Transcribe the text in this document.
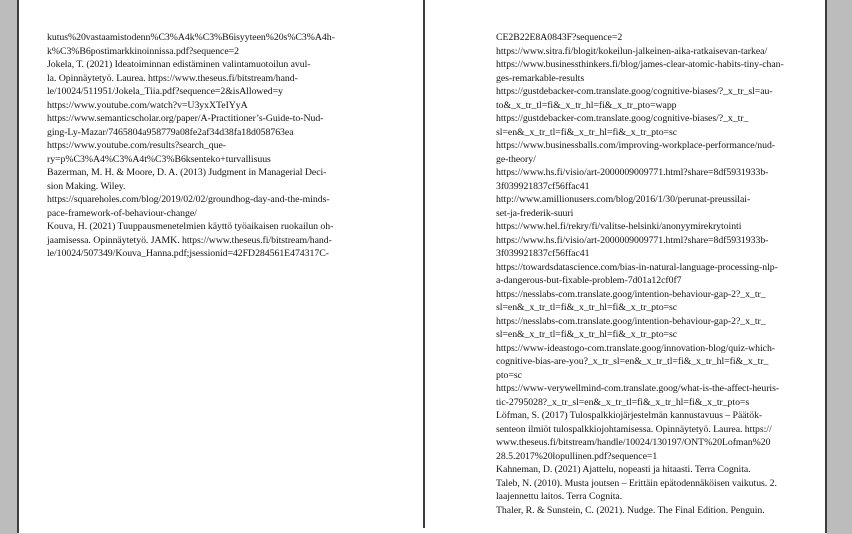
kutus%20vastaamistodenn%C3%A4k%C3%B6isyyteen%20s%C3%A4h-
k%C3%B6postimarkkinoinnissa.pdf?sequence=2
Jokela, T. (2021) Ideatoiminnan edistäminen valintamuotoilun avul-
la. Opinnäytetyö. Laurea. https://www.theseus.fi/bitstream/hand-
le/10024/511951/Jokela_Tiia.pdf?sequence=2&isAllowed=y
https://www.youtube.com/watch?v=U3yxXTeIYyA
https://www.semanticscholar.org/paper/A-Practitioner’s-Guide-to-Nud-
ging-Ly-Mazar/7465804a958779a08fe2af34d38fa18d058763ea
https://www.youtube.com/results?search_que-
ry=p%C3%A4%C3%A4t%C3%B6ksenteko+turvallisuus
Bazerman, M. H. & Moore, D. A. (2013) Judgment in Managerial Deci-
sion Making. Wiley.
https://squareholes.com/blog/2019/02/02/groundhog-day-and-the-minds-
pace-framework-of-behaviour-change/
Kouva, H. (2021) Tuuppausmenetelmien käyttö työaikaisen ruokailun oh-
jaamisessa. Opinnäytetyö. JAMK. https://www.theseus.fi/bitstream/hand-
le/10024/507349/Kouva_Hanna.pdf;jsessionid=42FD284561E474317C-
CE2B22E8A0843F?sequence=2
https://www.sitra.fi/blogit/kokeilun-jalkeinen-aika-ratkaisevan-tarkea/
https://www.businessthinkers.fi/blog/james-clear-atomic-habits-tiny-chan-
ges-remarkable-results
https://gustdebacker-com.translate.goog/cognitive-biases/?_x_tr_sl=au-
to&_x_tr_tl=fi&_x_tr_hl=fi&_x_tr_pto=wapp
https://gustdebacker-com.translate.goog/cognitive-biases/?_x_tr_
sl=en&_x_tr_tl=fi&_x_tr_hl=fi&_x_tr_pto=sc
https://www.businessballs.com/improving-workplace-performance/nud-
ge-theory/
https://www.hs.fi/visio/art-2000009009771.html?share=8df5931933b-
3f039921837cf56ffac41
http://www.amillionusers.com/blog/2016/1/30/perunat-preussilai-
set-ja-frederik-suuri
https://www.hel.fi/rekry/fi/valitse-helsinki/anonyymirekrytointi
https://www.hs.fi/visio/art-2000009009771.html?share=8df5931933b-
3f039921837cf56ffac41
https://towardsdatascience.com/bias-in-natural-language-processing-nlp-
a-dangerous-but-fixable-problem-7d01a12cf0f7
https://nesslabs-com.translate.goog/intention-behaviour-gap-2?_x_tr_
sl=en&_x_tr_tl=fi&_x_tr_hl=fi&_x_tr_pto=sc
https://nesslabs-com.translate.goog/intention-behaviour-gap-2?_x_tr_
sl=en&_x_tr_tl=fi&_x_tr_hl=fi&_x_tr_pto=sc
https://www-ideastogo-com.translate.goog/innovation-blog/quiz-which-
cognitive-bias-are-you?_x_tr_sl=en&_x_tr_tl=fi&_x_tr_hl=fi&_x_tr_
pto=sc
https://www-verywellmind-com.translate.goog/what-is-the-affect-heuris-
tic-2795028?_x_tr_sl=en&_x_tr_tl=fi&_x_tr_hl=fi&_x_tr_pto=s
Löfman, S. (2017) Tulospalkkiojärjestelmän kannustavuus – Päätök-
senteon ilmiöt tulospalkkiojohtamisessa. Opinnäytetyö. Laurea. https://
www.theseus.fi/bitstream/handle/10024/130197/ONT%20Lofman%20
28.5.2017%20lopullinen.pdf?sequence=1
Kahneman, D. (2021) Ajattelu, nopeasti ja hitaasti. Terra Cognita.
Taleb, N. (2010). Musta joutsen – Erittäin epätodennäköisen vaikutus. 2.
laajennettu laitos. Terra Cognita.
Thaler, R. & Sunstein, C. (2021). Nudge. The Final Edition. Penguin.
